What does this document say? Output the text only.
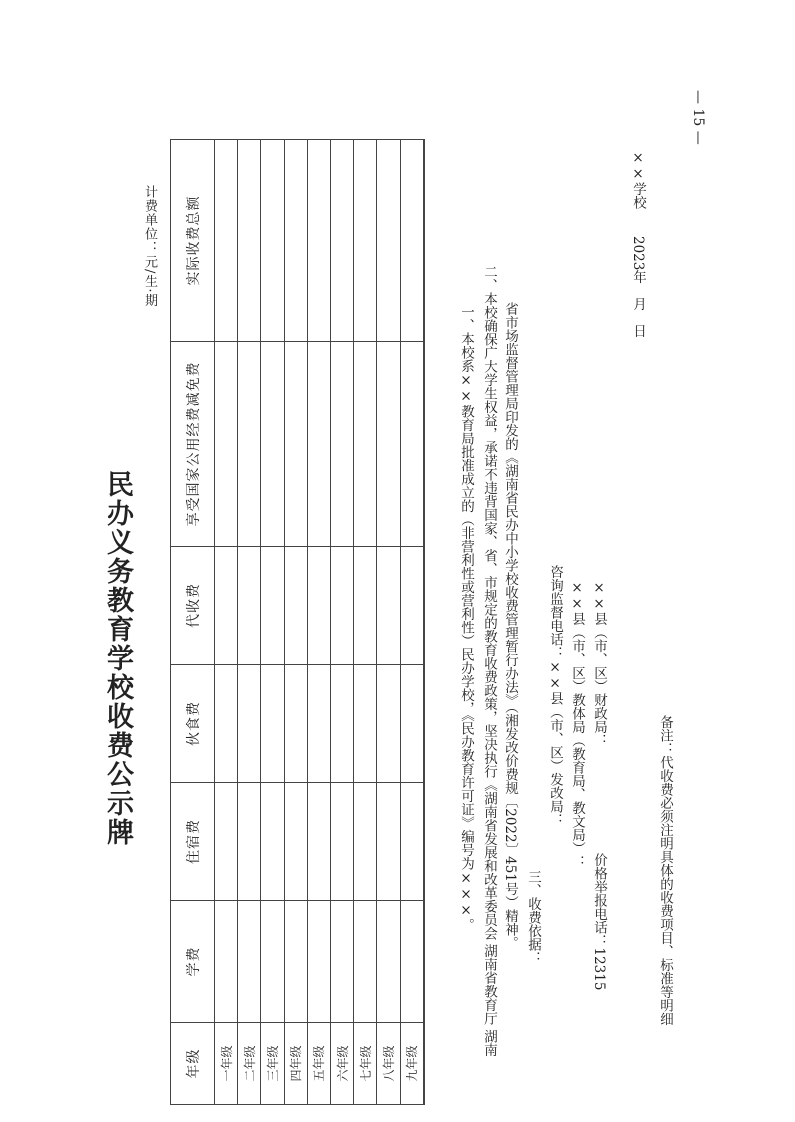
民办义务教育学校收费公示牌
计费单位：元/生·期
年级	学费	住宿费	伙食费	代收费	享受国家公用经费减免费	实际收费总额
一年级						
二年级						
三年级						
四年级						
五年级						
六年级						
七年级						
八年级						
九年级						

一、本校系××教育局批准成立的（非营利性或营利性）民办学校，《民办教育许可证》编号为×××。 二、本校确保广大学生权益，承诺不违背国家、省、市规定的教育收费政策，坚决执行《湖南省发展和改革委员会 湖南省教育厅 湖南 省市场监督管理局印发的《湖南省民办中小学校收费管理暂行办法》（湘发改价费规〔2022〕451号）精神。 三、收费依据：
咨询监督电话：××县（市、区）发改局： ××县（市、区）教体局（教育局、教文局）： ××县（市、区）财政局：
价格举报电话：12315
××学校　　2023年　月　日
备注：代收费必须注明具体的收费项目、标准等明细
— 15 —
